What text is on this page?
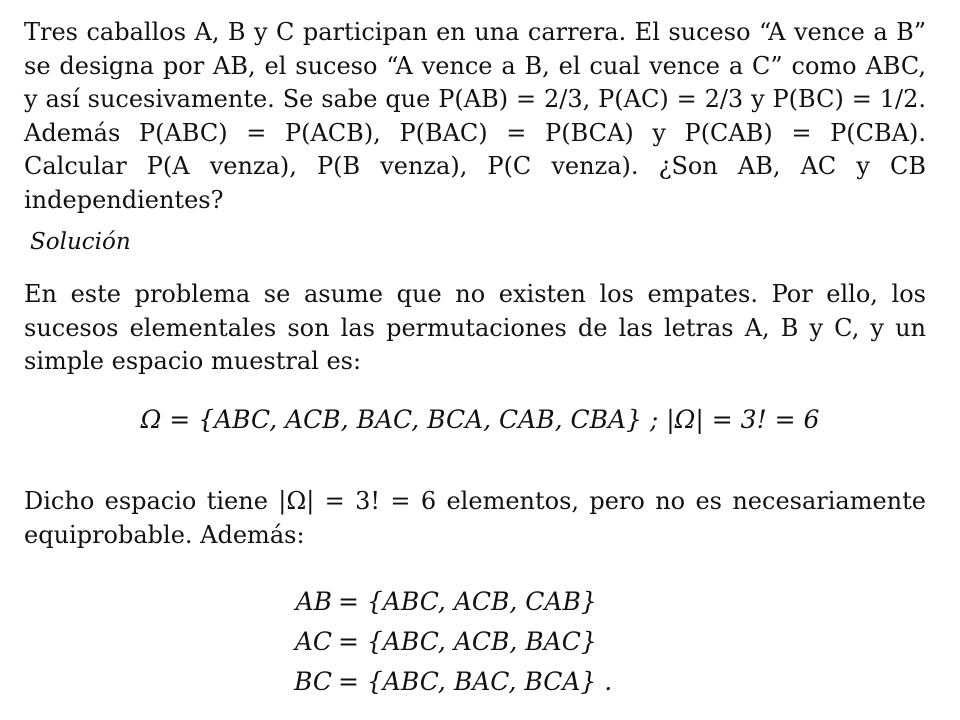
Tres caballos A, B y C participan en una carrera. El suceso “A vence a B” se designa por AB, el suceso “A vence a B, el cual vence a C” como ABC, y así sucesivamente. Se sabe que P(AB) = 2/3, P(AC) = 2/3 y P(BC) = 1/2. Además P(ABC) = P(ACB), P(BAC) = P(BCA) y P(CAB) = P(CBA). Calcular P(A venza), P(B venza), P(C venza). ¿Son AB, AC y CB independientes?
Solución
En este problema se asume que no existen los empates. Por ello, los sucesos elementales son las permutaciones de las letras A, B y C, y un simple espacio muestral es:
Ω = {ABC, ACB, BAC, BCA, CAB, CBA} ; |Ω| = 3! = 6
Dicho espacio tiene |Ω| = 3! = 6 elementos, pero no es necesariamente equiprobable. Además:
AB = {ABC, ACB, CAB}
AC = {ABC, ACB, BAC}
BC = {ABC, BAC, BCA} .
